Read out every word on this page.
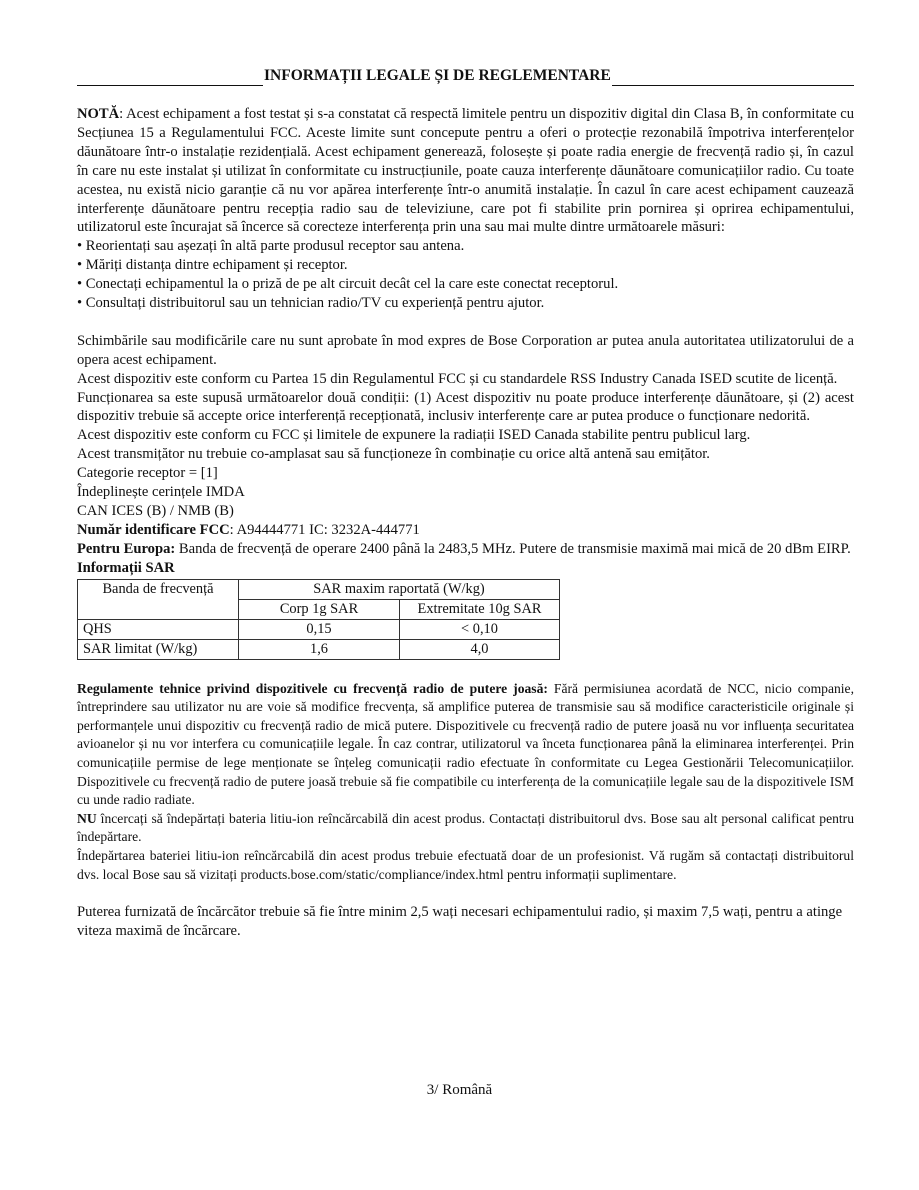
INFORMAȚII LEGALE ȘI DE REGLEMENTARE

NOTĂ: Acest echipament a fost testat și s-a constatat că respectă limitele pentru un dispozitiv digital din Clasa B, în conformitate cu Secțiunea 15 a Regulamentului FCC. Aceste limite sunt concepute pentru a oferi o protecție rezonabilă împotriva interferențelor dăunătoare într-o instalație rezidențială. Acest echipament generează, folosește și poate radia energie de frecvență radio și, în cazul în care nu este instalat și utilizat în conformitate cu instrucțiunile, poate cauza interferențe dăunătoare comunicațiilor radio. Cu toate acestea, nu există nicio garanție că nu vor apărea interferențe într-o anumită instalație. În cazul în care acest echipament cauzează interferențe dăunătoare pentru recepția radio sau de televiziune, care pot fi stabilite prin pornirea și oprirea echipamentului, utilizatorul este încurajat să încerce să corecteze interferența prin una sau mai multe dintre următoarele măsuri:

• Reorientați sau așezați în altă parte produsul receptor sau antena.
• Măriți distanța dintre echipament și receptor.
• Conectați echipamentul la o priză de pe alt circuit decât cel la care este conectat receptorul.
• Consultați distribuitorul sau un tehnician radio/TV cu experiență pentru ajutor.

Schimbările sau modificările care nu sunt aprobate în mod expres de Bose Corporation ar putea anula autoritatea utilizatorului de a opera acest echipament.

Acest dispozitiv este conform cu Partea 15 din Regulamentul FCC și cu standardele RSS Industry Canada ISED scutite de licență.

Funcționarea sa este supusă următoarelor două condiții: (1) Acest dispozitiv nu poate produce interferențe dăunătoare, și (2) acest dispozitiv trebuie să accepte orice interferență recepționată, inclusiv interferențe care ar putea produce o funcționare nedorită.

Acest dispozitiv este conform cu FCC și limitele de expunere la radiații ISED Canada stabilite pentru publicul larg.

Acest transmițător nu trebuie co-amplasat sau să funcționeze în combinație cu orice altă antenă sau emițător.

Categorie receptor = [1]

Îndeplinește cerințele IMDA

CAN ICES (B) / NMB (B)

Număr identificare FCC: A94444771 IC: 3232A-444771

Pentru Europa: Banda de frecvență de operare 2400 până la 2483,5 MHz. Putere de transmisie maximă mai mică de 20 dBm EIRP.

Informații SAR

Banda de frecvență	SAR maxim raportată (W/kg)	
	Corp 1g SAR	Extremitate 10g SAR
QHS	0,15	< 0,10
SAR limitat (W/kg)	1,6	4,0

Regulamente tehnice privind dispozitivele cu frecvență radio de putere joasă: Fără permisiunea acordată de NCC, nicio companie, întreprindere sau utilizator nu are voie să modifice frecvența, să amplifice puterea de transmisie sau să modifice caracteristicile originale și performanțele unui dispozitiv cu frecvență radio de mică putere. Dispozitivele cu frecvență radio de putere joasă nu vor influența securitatea avioanelor și nu vor interfera cu comunicațiile legale. În caz contrar, utilizatorul va înceta funcționarea până la eliminarea interferenței. Prin comunicațiile permise de lege menționate se înțeleg comunicații radio efectuate în conformitate cu Legea Gestionării Telecomunicațiilor. Dispozitivele cu frecvență radio de putere joasă trebuie să fie compatibile cu interferența de la comunicațiile legale sau de la dispozitivele ISM cu unde radio radiate.

NU încercați să îndepărtați bateria litiu-ion reîncărcabilă din acest produs. Contactați distribuitorul dvs. Bose sau alt personal calificat pentru îndepărtare.

Îndepărtarea bateriei litiu-ion reîncărcabilă din acest produs trebuie efectuată doar de un profesionist. Vă rugăm să contactați distribuitorul dvs. local Bose sau să vizitați products.bose.com/static/compliance/index.html pentru informații suplimentare.

Puterea furnizată de încărcător trebuie să fie între minim 2,5 wați necesari echipamentului radio, și maxim 7,5 wați, pentru a atinge viteza maximă de încărcare.

3/ Română
